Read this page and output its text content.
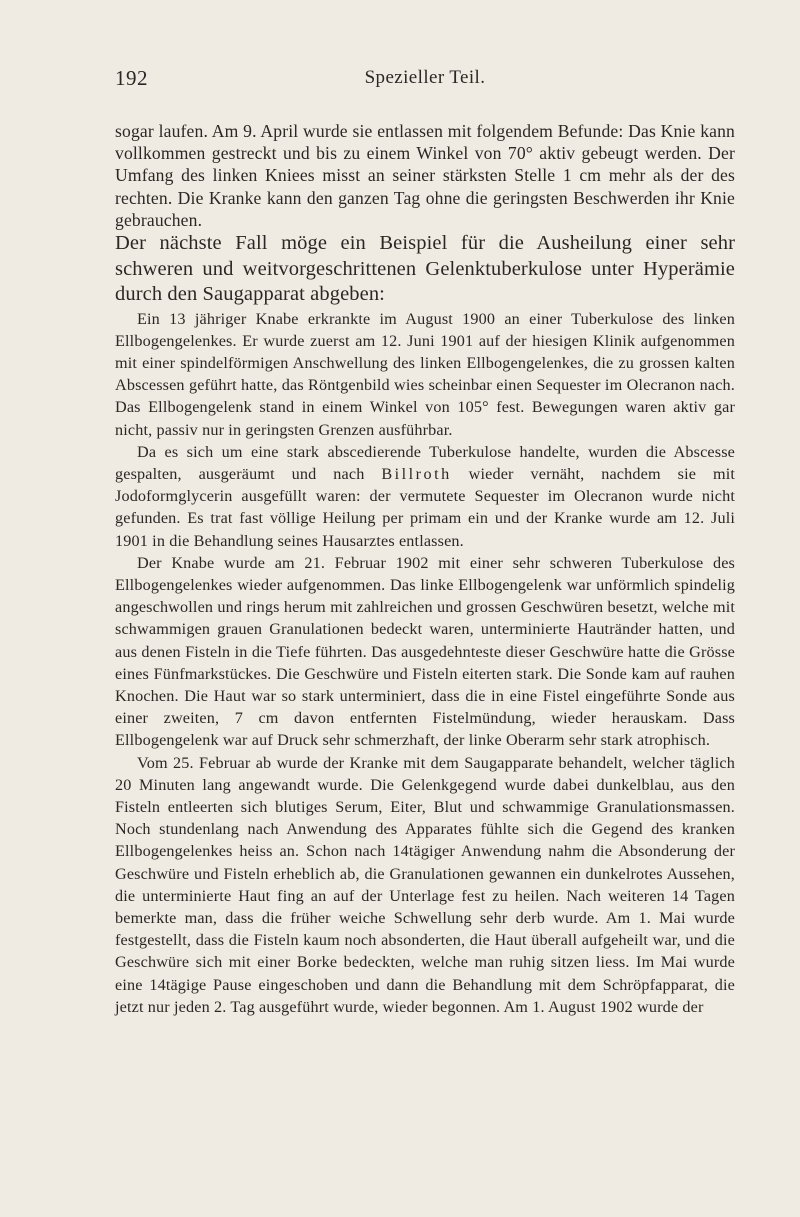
192	Spezieller Teil.

sogar laufen. Am 9. April wurde sie entlassen mit folgendem Befunde: Das Knie kann vollkommen gestreckt und bis zu einem Winkel von 70° aktiv gebeugt werden. Der Umfang des linken Kniees misst an seiner stärksten Stelle 1 cm mehr als der des rechten. Die Kranke kann den ganzen Tag ohne die geringsten Beschwerden ihr Knie gebrauchen.

Der nächste Fall möge ein Beispiel für die Ausheilung einer sehr schweren und weitvorgeschrittenen Gelenktuberkulose unter Hyperämie durch den Saugapparat abgeben:

Ein 13 jähriger Knabe erkrankte im August 1900 an einer Tuberkulose des linken Ellbogengelenkes. Er wurde zuerst am 12. Juni 1901 auf der hiesigen Klinik aufgenommen mit einer spindelförmigen Anschwellung des linken Ellbogengelenkes, die zu grossen kalten Abscessen geführt hatte, das Röntgenbild wies scheinbar einen Sequester im Olecranon nach. Das Ellbogengelenk stand in einem Winkel von 105° fest. Bewegungen waren aktiv gar nicht, passiv nur in geringsten Grenzen ausführbar.

Da es sich um eine stark abscedierende Tuberkulose handelte, wurden die Abscesse gespalten, ausgeräumt und nach Billroth wieder vernäht, nachdem sie mit Jodoformglycerin ausgefüllt waren: der vermutete Sequester im Olecranon wurde nicht gefunden. Es trat fast völlige Heilung per primam ein und der Kranke wurde am 12. Juli 1901 in die Behandlung seines Hausarztes entlassen.

Der Knabe wurde am 21. Februar 1902 mit einer sehr schweren Tuberkulose des Ellbogengelenkes wieder aufgenommen. Das linke Ellbogengelenk war unförmlich spindelig angeschwollen und rings herum mit zahlreichen und grossen Geschwüren besetzt, welche mit schwammigen grauen Granulationen bedeckt waren, unterminierte Hautränder hatten, und aus denen Fisteln in die Tiefe führten. Das ausgedehnteste dieser Geschwüre hatte die Grösse eines Fünfmarkstückes. Die Geschwüre und Fisteln eiterten stark. Die Sonde kam auf rauhen Knochen. Die Haut war so stark unterminiert, dass die in eine Fistel eingeführte Sonde aus einer zweiten, 7 cm davon entfernten Fistelmündung, wieder herauskam. Dass Ellbogengelenk war auf Druck sehr schmerzhaft, der linke Oberarm sehr stark atrophisch.

Vom 25. Februar ab wurde der Kranke mit dem Saugapparate behandelt, welcher täglich 20 Minuten lang angewandt wurde. Die Gelenkgegend wurde dabei dunkelblau, aus den Fisteln entleerten sich blutiges Serum, Eiter, Blut und schwammige Granulationsmassen. Noch stundenlang nach Anwendung des Apparates fühlte sich die Gegend des kranken Ellbogengelenkes heiss an. Schon nach 14tägiger Anwendung nahm die Absonderung der Geschwüre und Fisteln erheblich ab, die Granulationen gewannen ein dunkelrotes Aussehen, die unterminierte Haut fing an auf der Unterlage fest zu heilen. Nach weiteren 14 Tagen bemerkte man, dass die früher weiche Schwellung sehr derb wurde. Am 1. Mai wurde festgestellt, dass die Fisteln kaum noch absonderten, die Haut überall aufgeheilt war, und die Geschwüre sich mit einer Borke bedeckten, welche man ruhig sitzen liess. Im Mai wurde eine 14tägige Pause eingeschoben und dann die Behandlung mit dem Schröpfapparat, die jetzt nur jeden 2. Tag ausgeführt wurde, wieder begonnen. Am 1. August 1902 wurde der
